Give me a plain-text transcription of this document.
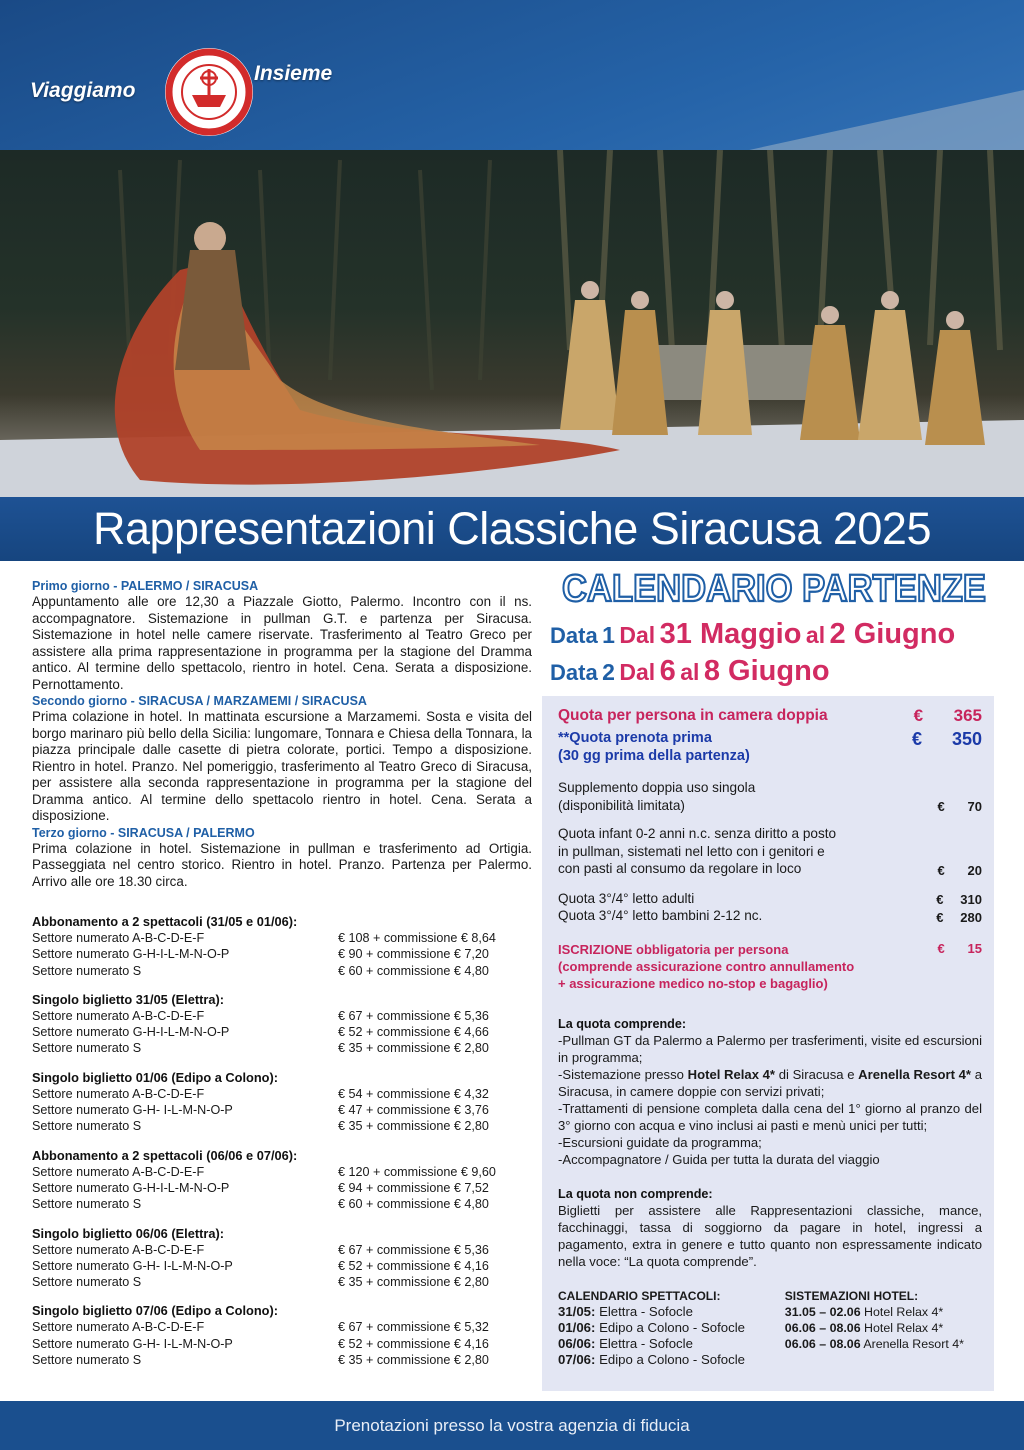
Viaggiamo
Insieme
Rappresentazioni Classiche Siracusa 2025
Primo giorno - PALERMO / SIRACUSA
Appuntamento alle ore 12,30 a Piazzale Giotto, Palermo. Incontro con il ns. accompagnatore. Sistemazione in pullman G.T. e partenza per Siracusa. Sistemazione in hotel nelle camere riservate. Trasferimento al Teatro Greco per assistere alla prima rappresentazione in programma per la stagione del Dramma antico. Al termine dello spettacolo, rientro in hotel. Cena. Serata a disposizione. Pernottamento.
Secondo giorno - SIRACUSA / MARZAMEMI / SIRACUSA
Prima colazione in hotel. In mattinata escursione a Marzamemi. Sosta e visita del borgo marinaro più bello della Sicilia: lungomare, Tonnara e Chiesa della Tonnara, la piazza principale dalle casette di pietra colorate, portici. Tempo a disposizione. Rientro in hotel. Pranzo. Nel pomeriggio, trasferimento al Teatro Greco di Siracusa, per assistere alla seconda rappresentazione in programma per la stagione del Dramma antico. Al termine dello spettacolo rientro in hotel. Cena. Serata a disposizione.
Terzo giorno - SIRACUSA / PALERMO
Prima colazione in hotel. Sistemazione in pullman e trasferimento ad Ortigia. Passeggiata nel centro storico. Rientro in hotel. Pranzo. Partenza per Palermo. Arrivo alle ore 18.30 circa.
Abbonamento a 2 spettacoli (31/05 e 01/06):
Settore numerato A-B-C-D-E-F	€ 108 + commissione € 8,64
Settore numerato G-H-I-L-M-N-O-P	€ 90 + commissione € 7,20
Settore numerato S	€ 60 + commissione € 4,80
Singolo biglietto 31/05 (Elettra):
Settore numerato A-B-C-D-E-F	€ 67 + commissione € 5,36
Settore numerato G-H-I-L-M-N-O-P	€ 52 + commissione € 4,66
Settore numerato S	€ 35 + commissione € 2,80
Singolo biglietto 01/06 (Edipo a Colono):
Settore numerato A-B-C-D-E-F	€ 54 + commissione € 4,32
Settore numerato G-H- I-L-M-N-O-P	€ 47 + commissione € 3,76
Settore numerato S	€ 35 + commissione € 2,80
Abbonamento a 2 spettacoli (06/06 e 07/06):
Settore numerato A-B-C-D-E-F	€ 120 + commissione € 9,60
Settore numerato G-H-I-L-M-N-O-P	€ 94 + commissione € 7,52
Settore numerato S	€ 60 + commissione € 4,80
Singolo biglietto 06/06 (Elettra):
Settore numerato A-B-C-D-E-F	€ 67 + commissione € 5,36
Settore numerato G-H- I-L-M-N-O-P	€ 52 + commissione € 4,16
Settore numerato S	€ 35 + commissione € 2,80
Singolo biglietto 07/06 (Edipo a Colono):
Settore numerato A-B-C-D-E-F	€ 67 + commissione € 5,32
Settore numerato G-H- I-L-M-N-O-P	€ 52 + commissione € 4,16
Settore numerato S	€ 35 + commissione € 2,80
CALENDARIO PARTENZE
Data 1 Dal 31 Maggio al 2 Giugno
Data 2 Dal 6 al 8 Giugno
Quota per persona in camera doppia	€ 365
**Quota prenota prima
(30 gg prima della partenza)
€ 350
Supplemento doppia uso singola
(disponibilità limitata)	€ 70
Quota infant 0-2 anni n.c. senza diritto a posto
in pullman, sistemati nel letto con i genitori e
con pasti al consumo da regolare in loco	€ 20
Quota 3°/4° letto adulti	€ 310
Quota 3°/4° letto bambini 2-12 nc.	€ 280
ISCRIZIONE obbligatoria per persona
(comprende assicurazione contro annullamento
+ assicurazione medico no-stop e bagaglio)
€ 15
La quota comprende:
-Pullman GT da Palermo a Palermo per trasferimenti, visite ed escursioni in programma;
-Sistemazione presso Hotel Relax 4* di Siracusa e Arenella Resort 4* a Siracusa, in camere doppie con servizi privati;
-Trattamenti di pensione completa dalla cena del 1° giorno al pranzo del 3° giorno con acqua e vino inclusi ai pasti e menù unici per tutti;
-Escursioni guidate da programma;
-Accompagnatore / Guida per tutta la durata del viaggio
La quota non comprende:
Biglietti per assistere alle Rappresentazioni classiche, mance, facchinaggi, tassa di soggiorno da pagare in hotel, ingressi a pagamento, extra in genere e tutto quanto non espressamente indicato nella voce: “La quota comprende”.
CALENDARIO SPETTACOLI:
31/05: Elettra - Sofocle
01/06: Edipo a Colono - Sofocle
06/06: Elettra - Sofocle
07/06: Edipo a Colono - Sofocle
SISTEMAZIONI HOTEL:
31.05 – 02.06 Hotel Relax 4*
06.06 – 08.06 Hotel Relax 4*
06.06 – 08.06 Arenella Resort 4*
Prenotazioni presso la vostra agenzia di fiducia
